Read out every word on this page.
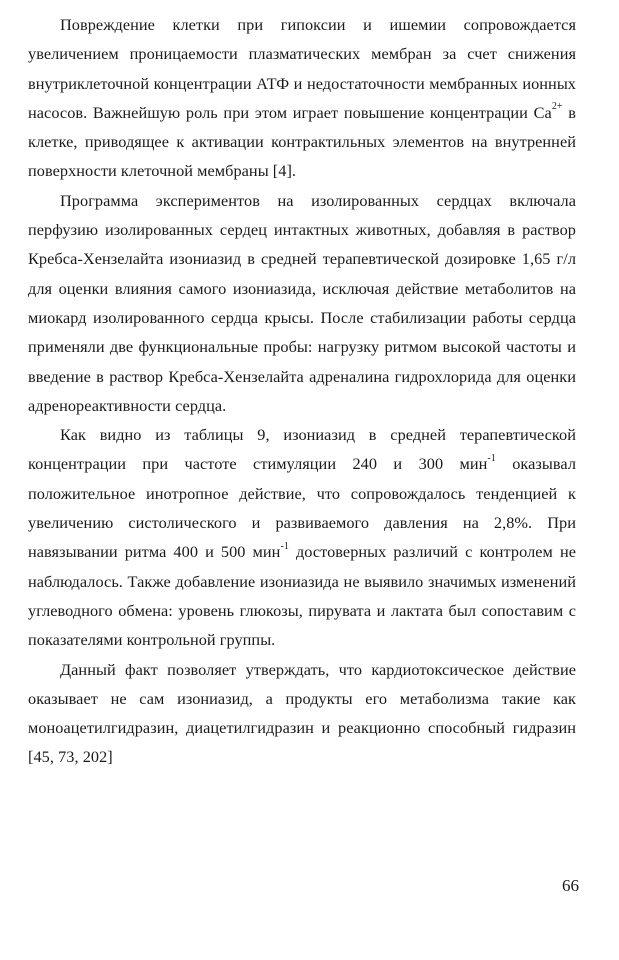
Повреждение клетки при гипоксии и ишемии сопровождается увеличением проницаемости плазматических мембран за счет снижения внутриклеточной концентрации АТФ и недостаточности мембранных ионных насосов. Важнейшую роль при этом играет повышение концентрации $Са^{2+}$ в клетке, приводящее к активации контрактильных элементов на внутренней поверхности клеточной мембраны [4].

Программа экспериментов на изолированных сердцах включала перфузию изолированных сердец интактных животных, добавляя в раствор Кребса-Хензелайта изониазид в средней терапевтической дозировке 1,65 г/л для оценки влияния самого изониазида, исключая действие метаболитов на миокард изолированного сердца крысы. После стабилизации работы сердца применяли две функциональные пробы: нагрузку ритмом высокой частоты и введение в раствор Кребса-Хензелайта адреналина гидрохлорида для оценки адренореактивности сердца.

Как видно из таблицы 9, изониазид в средней терапевтической концентрации при частоте стимуляции 240 и 300 мин$^{-1}$ оказывал положительное инотропное действие, что сопровождалось тенденцией к увеличению систолического и развиваемого давления на 2,8%. При навязывании ритма 400 и 500 мин$^{-1}$ достоверных различий с контролем не наблюдалось. Также добавление изониазида не выявило значимых изменений углеводного обмена: уровень глюкозы, пирувата и лактата был сопоставим с показателями контрольной группы.

Данный факт позволяет утверждать, что кардиотоксическое действие оказывает не сам изониазид, а продукты его метаболизма такие как моноацетилгидразин, диацетилгидразин и реакционно способный гидразин [45, 73, 202]

66
